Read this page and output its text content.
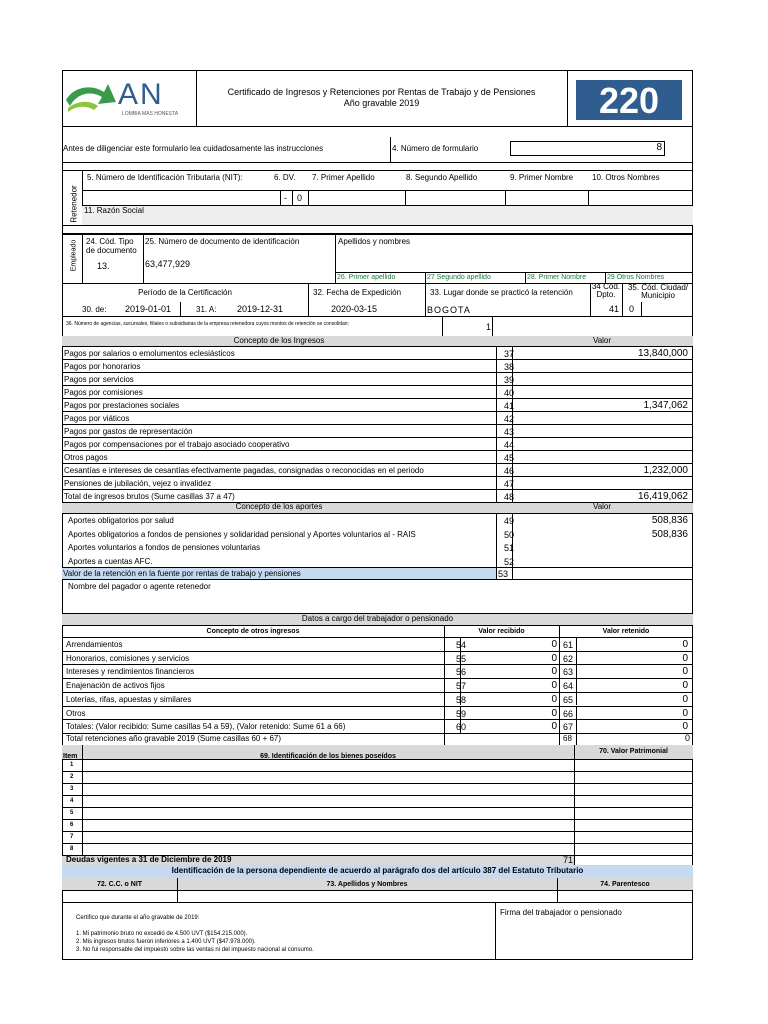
AN
LOMBIA MÁS HONESTA
Certificado de Ingresos y Retenciones por Rentas de Trabajo y de Pensiones
Año gravable 2019	220
Antes de diligenciar este formulario lea cuidadosamente las instrucciones	4. Número de formulario	8
Retenedor
5. Número de Identificación Tributaria (NIT):	6. DV. 7. Primer Apellido	8. Segundo Apellido	9. Primer Nombre 10. Otros Nombres
- 0
11. Razón Social
Empleado 24. Cód. Tipo de documento
13.
25. Número de documento de identificación
63,477,929
Apellidos y nombres
26. Primer apellido	27 Segundo apellido	28. Primer Nombre	29 Otros Nombres
Período de la Certificación
30. de: 2019-01-01	31. A: 2019-12-31
32. Fecha de Expedición
2020-03-15
33. Lugar donde se practicó la retención
BOGOTA
34 Cód. Dpto.
41
35. Cód. Ciudad/ Municipio
0
36. Número de agencias, sucursales, filiales o subsidiarias de la empresa retenedora cuyos montos de retención se consolidan:	1
Concepto de los Ingresos	Valor
Pagos por salarios o emolumentos eclesiásticos	37	13,840,000
Pagos por honorarios	38
Pagos por servicios	39
Pagos por comisiones	40
Pagos por prestaciones sociales	41	1,347,062
Pagos por viáticos	42
Pagos por gastos de representación	43
Pagos por compensaciones por el trabajo asociado cooperativo	44
Otros pagos	45
Cesantías e intereses de cesantías efectivamente pagadas, consignadas o reconocidas en el periodo	46	1,232,000
Pensiones de jubilación, vejez o invalidez	47
Total de ingresos brutos (Sume casillas 37 a 47)	48	16,419,062
Concepto de los aportes	Valor
Aportes obligatorios por salud	49	508,836
Aportes obligatorios a fondos de pensiones y solidaridad pensional y Aportes voluntarios al - RAIS	50	508,836
Aportes voluntarios a fondos de pensiones voluntarias	51
Aportes a cuentas AFC.	52
Valor de la retención en la fuente por rentas de trabajo y pensiones	53
Nombre del pagador o agente retenedor
Datos a cargo del trabajador o pensionado
Concepto de otros ingresos	Valor recibido	Valor retenido
Arrendamientos	54	0 61	0
Honorarios, comisiones y servicios	55	0 62	0
Intereses y rendimientos financieros	56	0 63	0
Enajenación de activos fijos	57	0 64	0
Loterías, rifas, apuestas y similares	58	0 65	0
Otros	59	0 66	0
Totales: (Valor recibido: Sume casillas 54 a 59), (Valor retenido: Sume 61 a 66)	60	0 67	0
Total retenciones año gravable 2019 (Sume casillas 60 + 67)	68	0
Item	69. Identificación de los bienes poseídos
70. Valor Patrimonial
1
2
3
4
5
6
7
8
Deudas vigentes a 31 de Diciembre de 2019	71
Identificación de la persona dependiente de acuerdo al parágrafo dos del artículo 387 del Estatuto Tributario
72. C.C. o NIT	73. Apellidos y Nombres	74. Parentesco
Certifico que durante el año gravable de 2019:
1. Mi patrimonio bruto no excedió de 4.500 UVT ($154.215.000).
2. Mis ingresos brutos fueron inferiores a 1.400 UVT ($47.978.000).
3. No fui responsable del impuesto sobre las ventas ni del impuesto nacional al consumo.
Firma del trabajador o pensionado
